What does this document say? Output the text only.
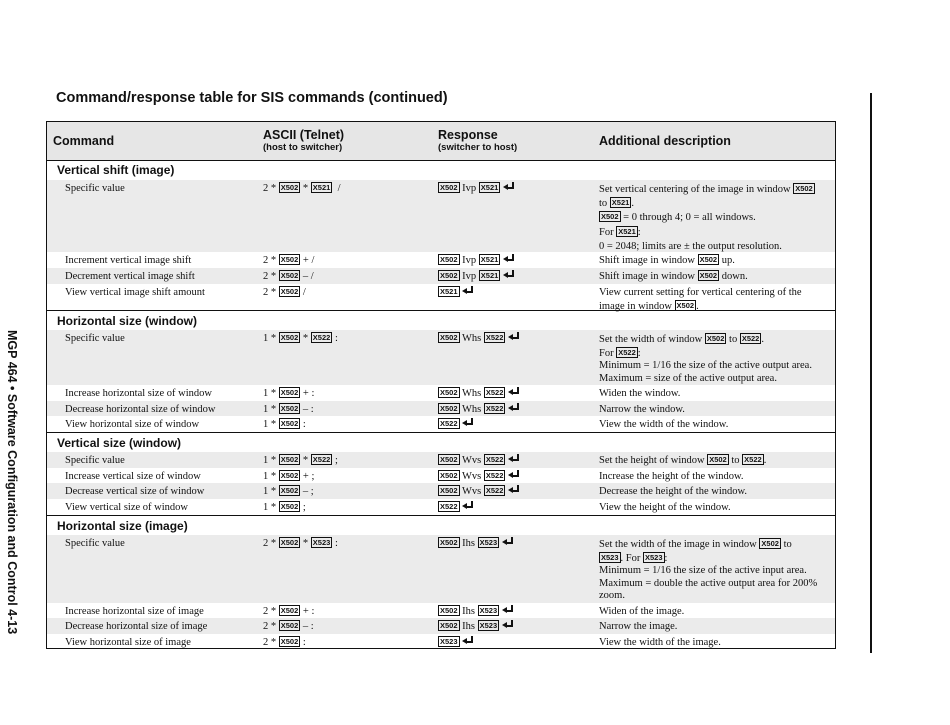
Command/response table for SIS commands (continued)
MGP 464 • Software Configuration and Control 4-13
Command	ASCII (Telnet)
(host to switcher)
Response
(switcher to host)	Additional description
Vertical shift (image)
Specific value	2 * X502 * X521 /	X502 Ivp X521	Set vertical centering of the image in window X502
to X521 .
X502 = 0 through 4; 0 = all windows.
For X521 :
0 = 2048; limits are ± the output resolution.
Increment vertical image shift	2 * X502 + /	X502 Ivp X521	Shift image in window X502 up.
Decrement vertical image shift	2 * X502 – /	X502 Ivp X521	Shift image in window X502 down.
View vertical image shift amount	2 * X502 /	X521	View current setting for vertical centering of the
image in window X502 .
Horizontal size (window)
Specific value	1 * X502 * X522 :	X502 Whs X522	Set the width of window X502 to X522 .
For X522 :
Minimum = 1/16 the size of the active output area.
Maximum = size of the active output area.
Increase horizontal size of window	1 * X502 + :	X502 Whs X522	Widen the window.
Decrease horizontal size of window	1 * X502 – :	X502 Whs X522	Narrow the window.
View horizontal size of window	1 * X502 :	X522	View the width of the window.
Vertical size (window)
Specific value	1 * X502 * X522 ;	X502 Wvs X522	Set the height of window X502 to X522 .
Increase vertical size of window	1 * X502 + ;	X502 Wvs X522	Increase the height of the window.
Decrease vertical size of window	1 * X502 – ;	X502 Wvs X522	Decrease the height of the window.
View vertical size of window	1 * X502 ;	X522	View the height of the window.
Horizontal size (image)
Specific value	2 * X502 * X523 :	X502 Ihs X523	Set the width of the image in window X502 to
X523 . For X523 :
Minimum = 1/16 the size of the active input area.
Maximum = double the active output area for 200%
zoom.
Increase horizontal size of image	2 * X502 + :	X502 Ihs X523	Widen of the image.
Decrease horizontal size of image	2 * X502 – :	X502 Ihs X523	Narrow the image.
View horizontal size of image	2 * X502 :	X523	View the width of the image.
